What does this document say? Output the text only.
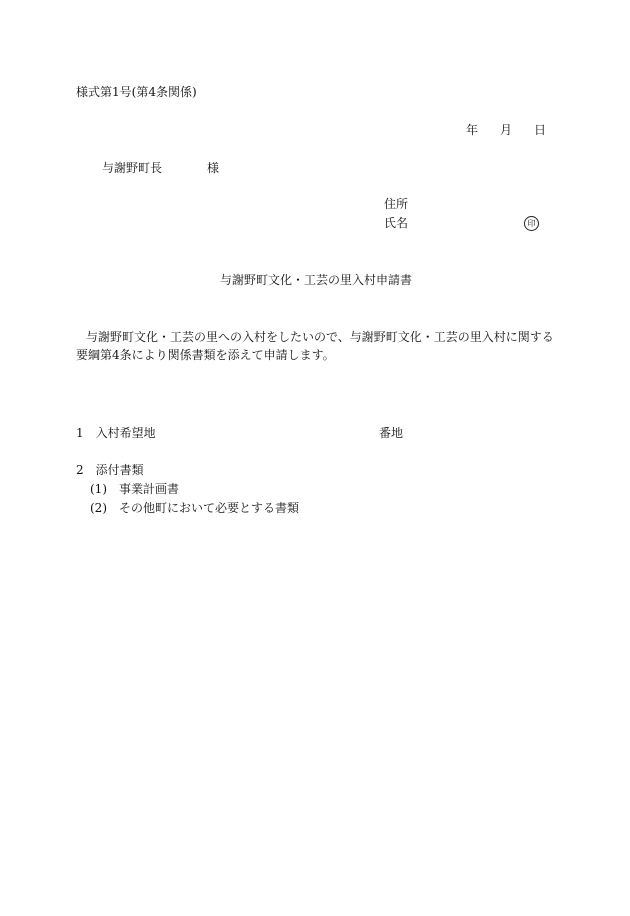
様式第1号(第4条関係)
年 月 日
与謝野町長	様
住所
氏名	印
与謝野町文化・工芸の里入村申請書
与謝野町文化・工芸の里への入村をしたいので、与謝野町文化・工芸の里入村に関する
要綱第4条により関係書類を添えて申請します。
1 入村希望地	番地
2 添付書類
(1) 事業計画書
(2) その他町において必要とする書類
